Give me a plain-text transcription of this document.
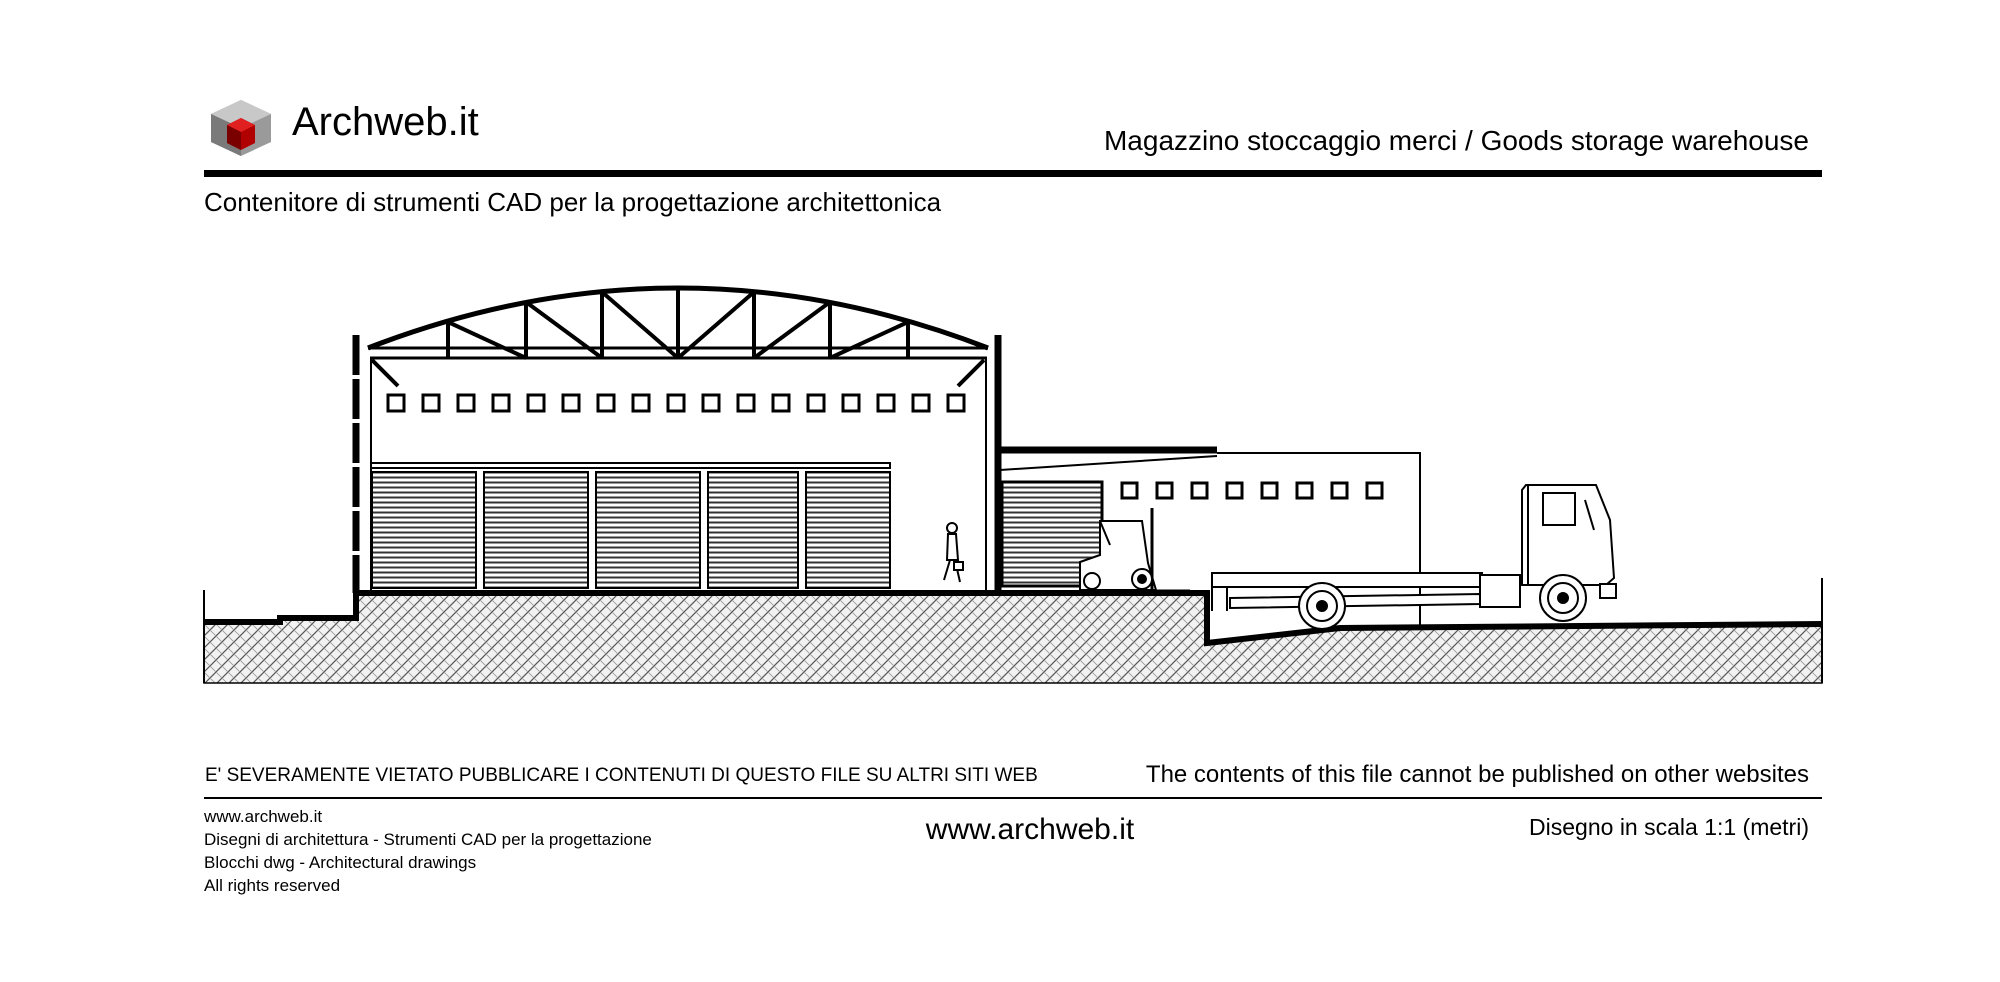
Archweb.it	Magazzino stoccaggio merci / Goods storage warehouse
Contenitore di strumenti CAD per la progettazione architettonica
E' SEVERAMENTE VIETATO PUBBLICARE I CONTENUTI DI QUESTO FILE SU ALTRI SITI WEB	The contents of this file cannot be published on other websites
www.archweb.it
Disegni di architettura - Strumenti CAD per la progettazione
Blocchi dwg - Architectural drawings
All rights reserved
www.archweb.it	Disegno in scala 1:1 (metri)
